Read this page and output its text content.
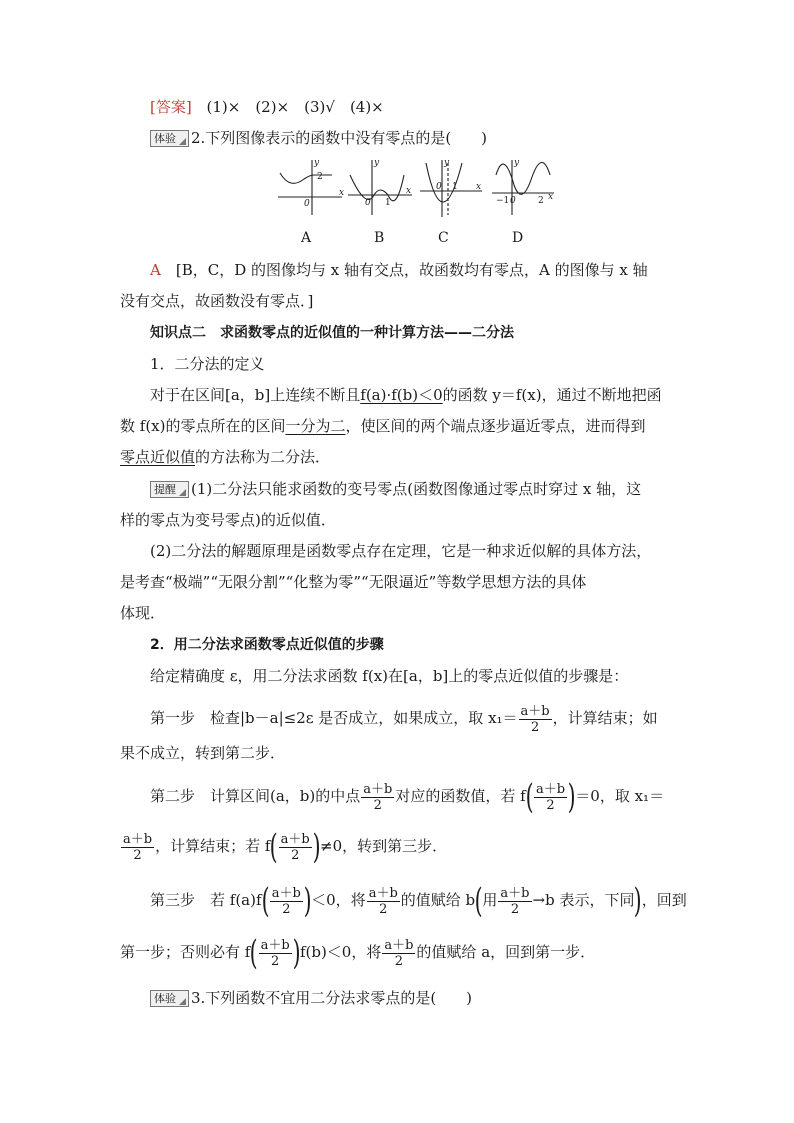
[答案] (1)×　(2)×　(3)√　(4)×
体验 2.下列图像表示的函数中没有零点的是(　　)
y
2
0
x
y
0 1
x
y
0 1 x
y
−1 0 2 x
A	B	C	D
A　 [B，C，D 的图像均与 x 轴有交点，故函数均有零点，A 的图像与 x 轴
没有交点，故函数没有零点．]
知识点二　求函数零点的近似值的一种计算方法——二分法
1．二分法的定义
对于在区间[a，b]上连续不断且f(a)·f(b)＜0的函数 y＝f(x)，通过不断地把函
数 f(x)的零点所在的区间一分为二，使区间的两个端点逐步逼近零点，进而得到
零点近似值的方法称为二分法．
提醒 (1)二分法只能求函数的变号零点(函数图像通过零点时穿过 x 轴，这
样的零点为变号零点)的近似值．
(2)二分法的解题原理是函数零点存在定理，它是一种求近似解的具体方法，
是考查“极端”“无限分割”“化整为零”“无限逼近”等数学思想方法的具体
体现．
2．用二分法求函数零点近似值的步骤
给定精确度 ε，用二分法求函数 f(x)在[a，b]上的零点近似值的步骤是：
第一步　检查|b－a|≤2ε 是否成立，如果成立，取 $x_1= \frac{a+b}{2}$ ，计算结束；如
果不成立，转到第二步．
第二步　计算区间(a，b)的中点 $\frac{a+b}{2}$ 对应的函数值，若 $f( \frac{a+b}{2} )=0$，取 x₁＝
$\frac{a+b}{2}$ ，计算结束；若 $f( \frac{a+b}{2} )\ne 0$，转到第三步．
第三步　若 $f(a)f( \frac{a+b}{2} )<0$，将 $\frac{a+b}{2}$ 的值赋给 b(用 $\frac{a+b}{2} \to b$ 表示，下同)，回到
第一步；否则必有 $f( \frac{a+b}{2} )f(b)<0$，将 $\frac{a+b}{2}$ 的值赋给 a，回到第一步．
体验 3.下列函数不宜用二分法求零点的是(　　)
